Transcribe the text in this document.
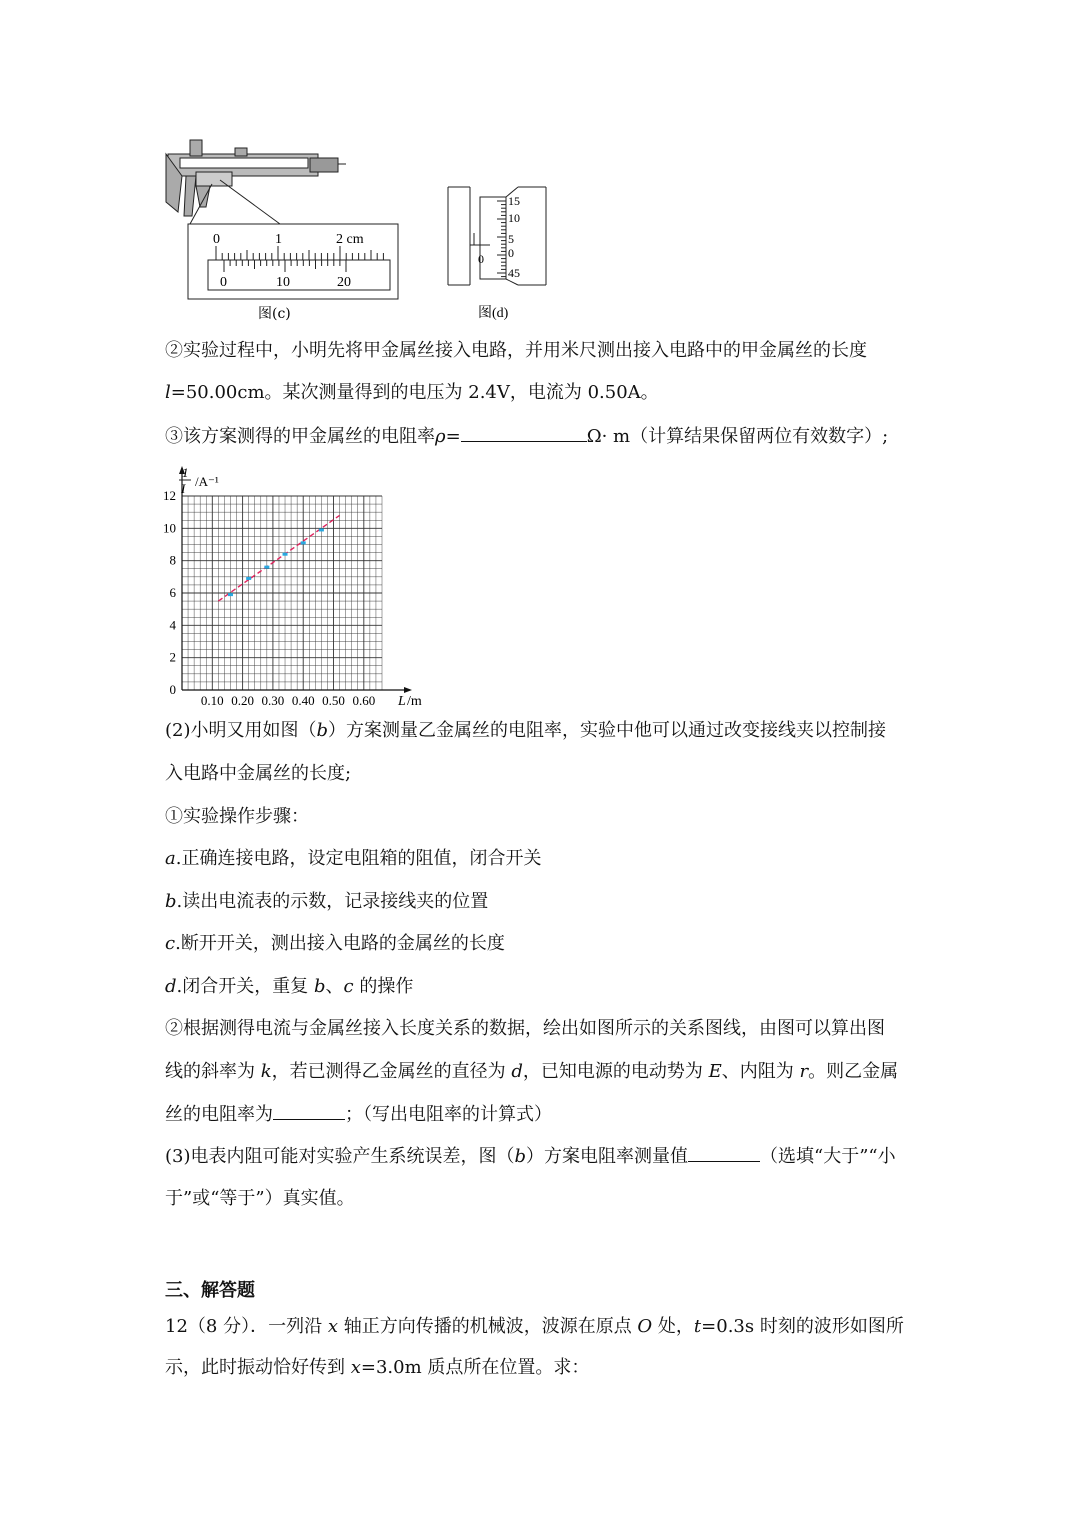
0	1	2 cm
0	10	20
图(c)
15
10
5
0
45
0
图(d)
②实验过程中，小明先将甲金属丝接入电路，并用米尺测出接入电路中的甲金属丝的长度
l=50.00cm。某次测量得到的电压为 2.4V，电流为 0.50A。
③该方案测得的甲金属丝的电阻率ρ=	Ω· m（计算结果保留两位有效数字）;
0.10 0.20 0.30 0.40 0.50 0.60
0
2
4
6
8
10
12
1
I /A⁻¹
L /m
(2)小明又用如图（b）方案测量乙金属丝的电阻率，实验中他可以通过改变接线夹以控制接
入电路中金属丝的长度;
①实验操作步骤：
a.正确连接电路，设定电阻箱的阻值，闭合开关
b.读出电流表的示数，记录接线夹的位置
c.断开开关，测出接入电路的金属丝的长度
d.闭合开关，重复 b、c 的操作
②根据测得电流与金属丝接入长度关系的数据，绘出如图所示的关系图线，由图可以算出图
线的斜率为 k，若已测得乙金属丝的直径为 d，已知电源的电动势为 E、内阻为 r。则乙金属
丝的电阻率为	；（写出电阻率的计算式）
(3)电表内阻可能对实验产生系统误差，图（b）方案电阻率测量值	（选填“大于”“小
于”或“等于”）真实值。
三、解答题
12（8 分）．一列沿 x 轴正方向传播的机械波，波源在原点 O 处，t=0.3s 时刻的波形如图所
示，此时振动恰好传到 x=3.0m 质点所在位置。求：
